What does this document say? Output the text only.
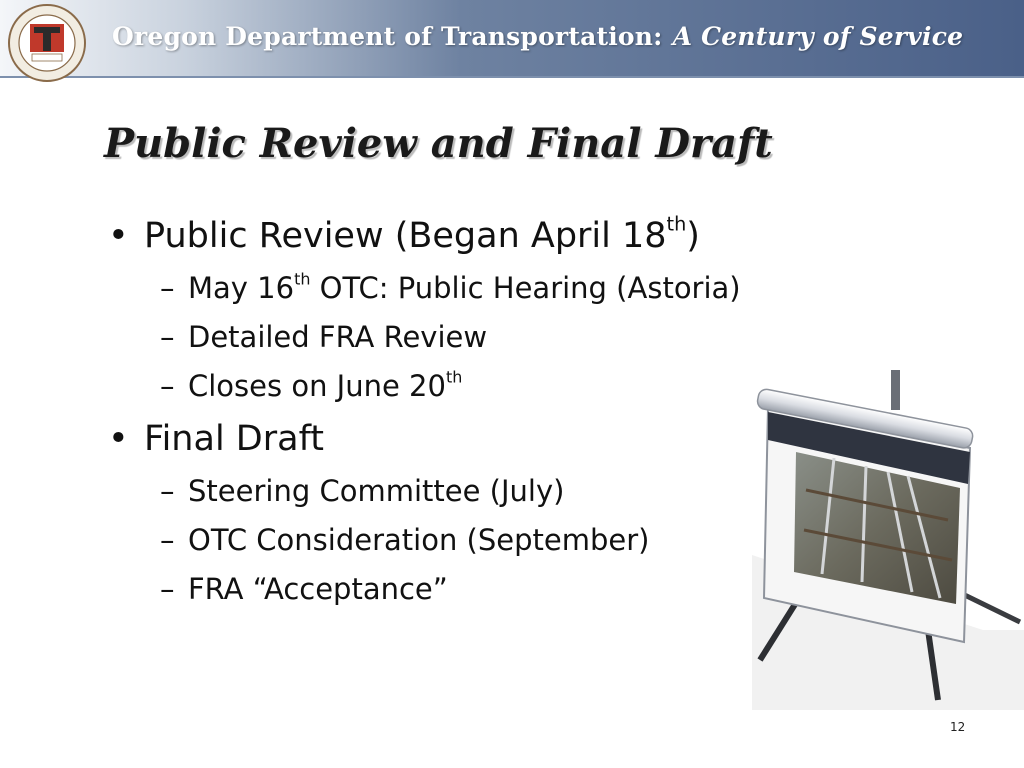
Oregon Department of Transportation: A Century of Service
Public Review and Final Draft
• Public Review (Began April 18th)
– May 16th OTC: Public Hearing (Astoria)
– Detailed FRA Review
– Closes on June 20th
• Final Draft
– Steering Committee (July)
– OTC Consideration (September)
– FRA “Acceptance”
12
